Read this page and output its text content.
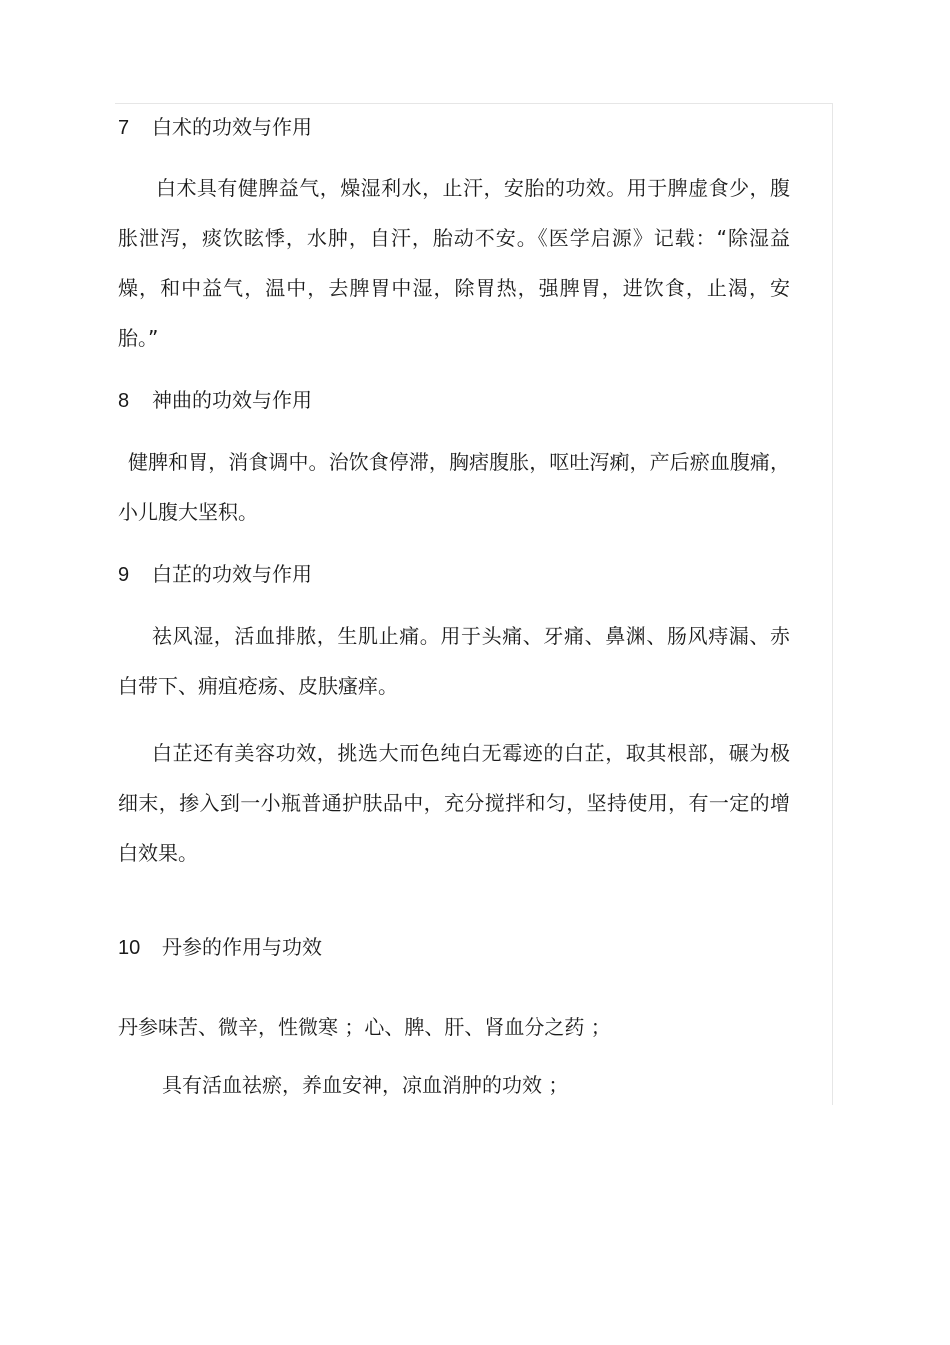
7 白术的功效与作用

白术具有健脾益气，燥湿利水，止汗，安胎的功效。用于脾虚食少，腹胀泄泻，痰饮眩悸，水肿，自汗，胎动不安。《医学启源》记载：“除湿益燥，和中益气，温中，去脾胃中湿，除胃热，强脾胃，进饮食，止渴，安胎。”

8 神曲的功效与作用

健脾和胃，消食调中。治饮食停滞，胸痞腹胀，呕吐泻痢，产后瘀血腹痛，小儿腹大坚积。

9 白芷的功效与作用

祛风湿，活血排脓，生肌止痛。用于头痛、牙痛、鼻渊、肠风痔漏、赤白带下、痈疽疮疡、皮肤瘙痒。

白芷还有美容功效，挑选大而色纯白无霉迹的白芷，取其根部，碾为极细末，掺入到一小瓶普通护肤品中，充分搅拌和匀，坚持使用，有一定的增白效果。

10 丹参的作用与功效
丹参味苦、微辛，性微寒 ；心、脾、肝、肾血分之药 ；
具有活血祛瘀，养血安神，凉血消肿的功效 ；
